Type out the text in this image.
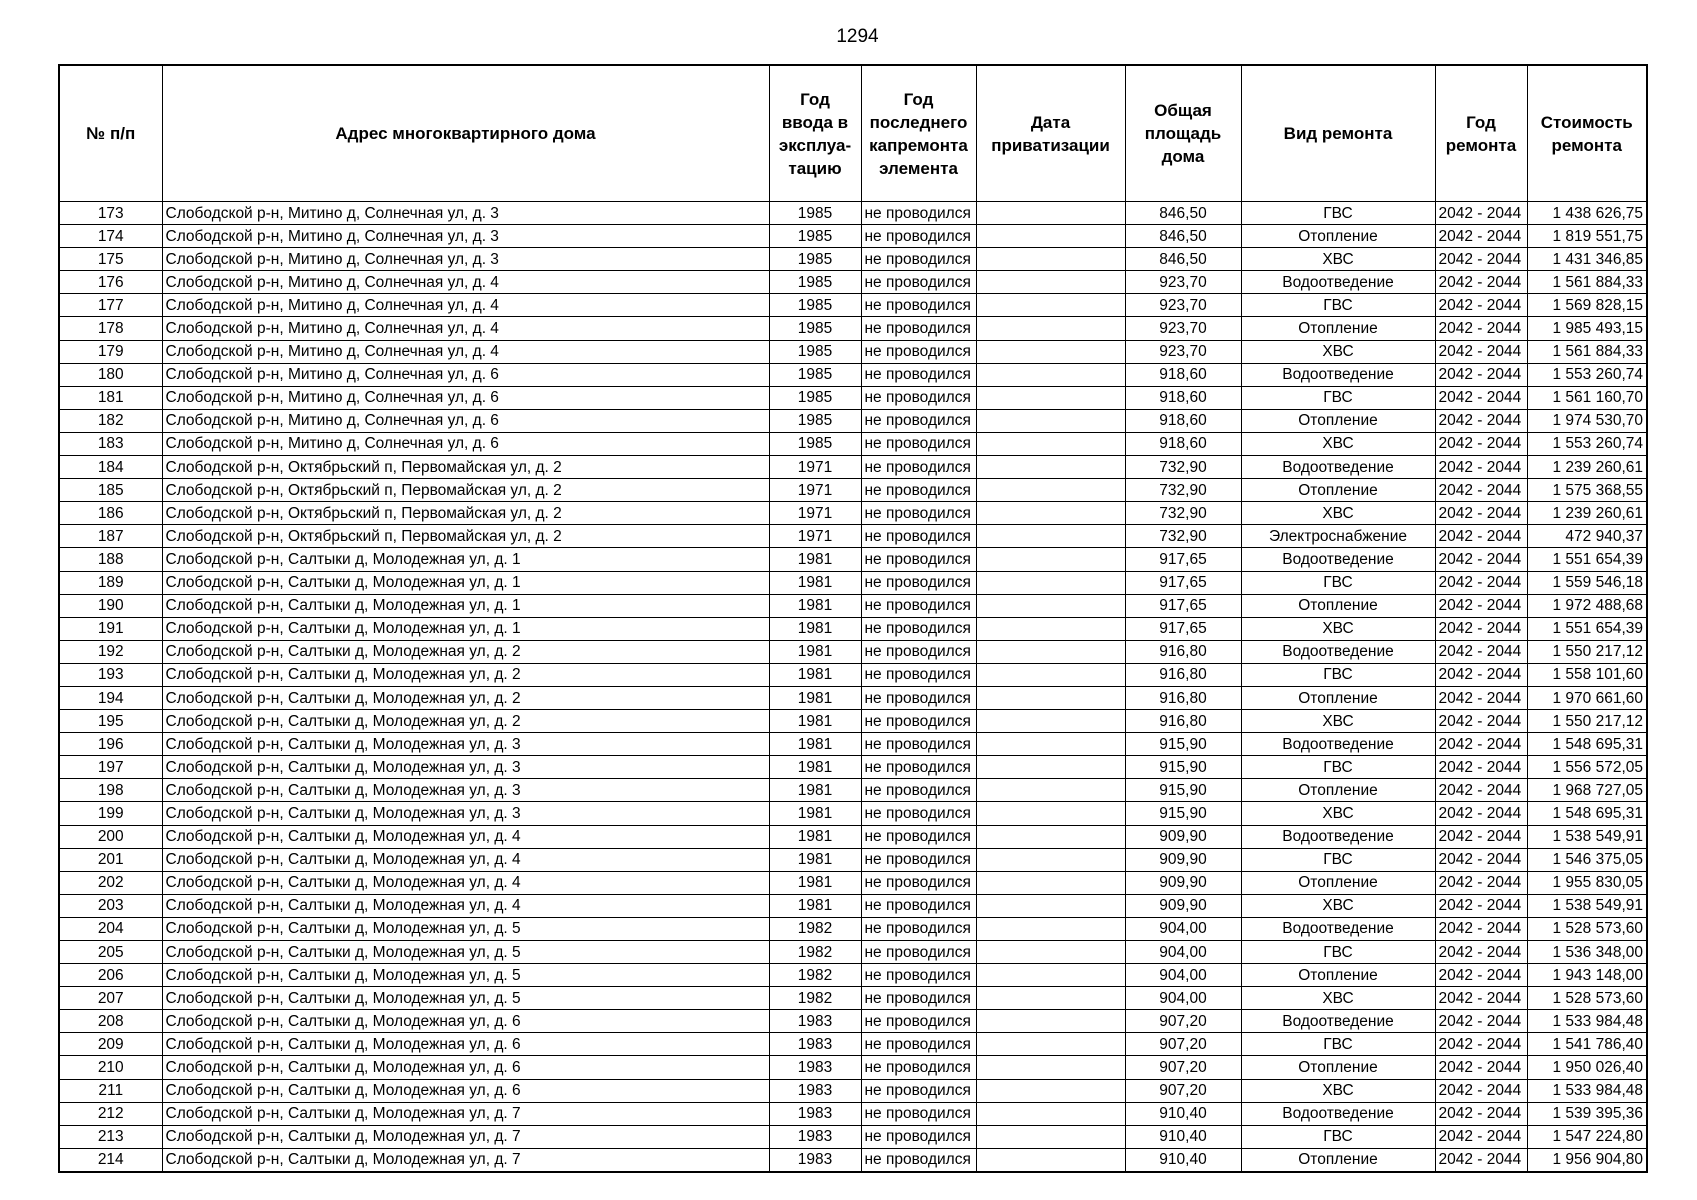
1294
№ п/п	Адрес многоквартирного дома	Год ввода в эксплуа-тацию	Год последнего капремонта элемента	Дата приватизации	Общая площадь дома	Вид ремонта	Год ремонта	Стоимость ремонта
173	Слободской р-н, Митино д, Солнечная ул, д. 3	1985	не проводился		846,50	ГВС	2042 - 2044	1 438 626,75
174	Слободской р-н, Митино д, Солнечная ул, д. 3	1985	не проводился		846,50	Отопление	2042 - 2044	1 819 551,75
175	Слободской р-н, Митино д, Солнечная ул, д. 3	1985	не проводился		846,50	ХВС	2042 - 2044	1 431 346,85
176	Слободской р-н, Митино д, Солнечная ул, д. 4	1985	не проводился		923,70	Водоотведение	2042 - 2044	1 561 884,33
177	Слободской р-н, Митино д, Солнечная ул, д. 4	1985	не проводился		923,70	ГВС	2042 - 2044	1 569 828,15
178	Слободской р-н, Митино д, Солнечная ул, д. 4	1985	не проводился		923,70	Отопление	2042 - 2044	1 985 493,15
179	Слободской р-н, Митино д, Солнечная ул, д. 4	1985	не проводился		923,70	ХВС	2042 - 2044	1 561 884,33
180	Слободской р-н, Митино д, Солнечная ул, д. 6	1985	не проводился		918,60	Водоотведение	2042 - 2044	1 553 260,74
181	Слободской р-н, Митино д, Солнечная ул, д. 6	1985	не проводился		918,60	ГВС	2042 - 2044	1 561 160,70
182	Слободской р-н, Митино д, Солнечная ул, д. 6	1985	не проводился		918,60	Отопление	2042 - 2044	1 974 530,70
183	Слободской р-н, Митино д, Солнечная ул, д. 6	1985	не проводился		918,60	ХВС	2042 - 2044	1 553 260,74
184	Слободской р-н, Октябрьский п, Первомайская ул, д. 2	1971	не проводился		732,90	Водоотведение	2042 - 2044	1 239 260,61
185	Слободской р-н, Октябрьский п, Первомайская ул, д. 2	1971	не проводился		732,90	Отопление	2042 - 2044	1 575 368,55
186	Слободской р-н, Октябрьский п, Первомайская ул, д. 2	1971	не проводился		732,90	ХВС	2042 - 2044	1 239 260,61
187	Слободской р-н, Октябрьский п, Первомайская ул, д. 2	1971	не проводился		732,90	Электроснабжение	2042 - 2044	472 940,37
188	Слободской р-н, Салтыки д, Молодежная ул, д. 1	1981	не проводился		917,65	Водоотведение	2042 - 2044	1 551 654,39
189	Слободской р-н, Салтыки д, Молодежная ул, д. 1	1981	не проводился		917,65	ГВС	2042 - 2044	1 559 546,18
190	Слободской р-н, Салтыки д, Молодежная ул, д. 1	1981	не проводился		917,65	Отопление	2042 - 2044	1 972 488,68
191	Слободской р-н, Салтыки д, Молодежная ул, д. 1	1981	не проводился		917,65	ХВС	2042 - 2044	1 551 654,39
192	Слободской р-н, Салтыки д, Молодежная ул, д. 2	1981	не проводился		916,80	Водоотведение	2042 - 2044	1 550 217,12
193	Слободской р-н, Салтыки д, Молодежная ул, д. 2	1981	не проводился		916,80	ГВС	2042 - 2044	1 558 101,60
194	Слободской р-н, Салтыки д, Молодежная ул, д. 2	1981	не проводился		916,80	Отопление	2042 - 2044	1 970 661,60
195	Слободской р-н, Салтыки д, Молодежная ул, д. 2	1981	не проводился		916,80	ХВС	2042 - 2044	1 550 217,12
196	Слободской р-н, Салтыки д, Молодежная ул, д. 3	1981	не проводился		915,90	Водоотведение	2042 - 2044	1 548 695,31
197	Слободской р-н, Салтыки д, Молодежная ул, д. 3	1981	не проводился		915,90	ГВС	2042 - 2044	1 556 572,05
198	Слободской р-н, Салтыки д, Молодежная ул, д. 3	1981	не проводился		915,90	Отопление	2042 - 2044	1 968 727,05
199	Слободской р-н, Салтыки д, Молодежная ул, д. 3	1981	не проводился		915,90	ХВС	2042 - 2044	1 548 695,31
200	Слободской р-н, Салтыки д, Молодежная ул, д. 4	1981	не проводился		909,90	Водоотведение	2042 - 2044	1 538 549,91
201	Слободской р-н, Салтыки д, Молодежная ул, д. 4	1981	не проводился		909,90	ГВС	2042 - 2044	1 546 375,05
202	Слободской р-н, Салтыки д, Молодежная ул, д. 4	1981	не проводился		909,90	Отопление	2042 - 2044	1 955 830,05
203	Слободской р-н, Салтыки д, Молодежная ул, д. 4	1981	не проводился		909,90	ХВС	2042 - 2044	1 538 549,91
204	Слободской р-н, Салтыки д, Молодежная ул, д. 5	1982	не проводился		904,00	Водоотведение	2042 - 2044	1 528 573,60
205	Слободской р-н, Салтыки д, Молодежная ул, д. 5	1982	не проводился		904,00	ГВС	2042 - 2044	1 536 348,00
206	Слободской р-н, Салтыки д, Молодежная ул, д. 5	1982	не проводился		904,00	Отопление	2042 - 2044	1 943 148,00
207	Слободской р-н, Салтыки д, Молодежная ул, д. 5	1982	не проводился		904,00	ХВС	2042 - 2044	1 528 573,60
208	Слободской р-н, Салтыки д, Молодежная ул, д. 6	1983	не проводился		907,20	Водоотведение	2042 - 2044	1 533 984,48
209	Слободской р-н, Салтыки д, Молодежная ул, д. 6	1983	не проводился		907,20	ГВС	2042 - 2044	1 541 786,40
210	Слободской р-н, Салтыки д, Молодежная ул, д. 6	1983	не проводился		907,20	Отопление	2042 - 2044	1 950 026,40
211	Слободской р-н, Салтыки д, Молодежная ул, д. 6	1983	не проводился		907,20	ХВС	2042 - 2044	1 533 984,48
212	Слободской р-н, Салтыки д, Молодежная ул, д. 7	1983	не проводился		910,40	Водоотведение	2042 - 2044	1 539 395,36
213	Слободской р-н, Салтыки д, Молодежная ул, д. 7	1983	не проводился		910,40	ГВС	2042 - 2044	1 547 224,80
214	Слободской р-н, Салтыки д, Молодежная ул, д. 7	1983	не проводился		910,40	Отопление	2042 - 2044	1 956 904,80
